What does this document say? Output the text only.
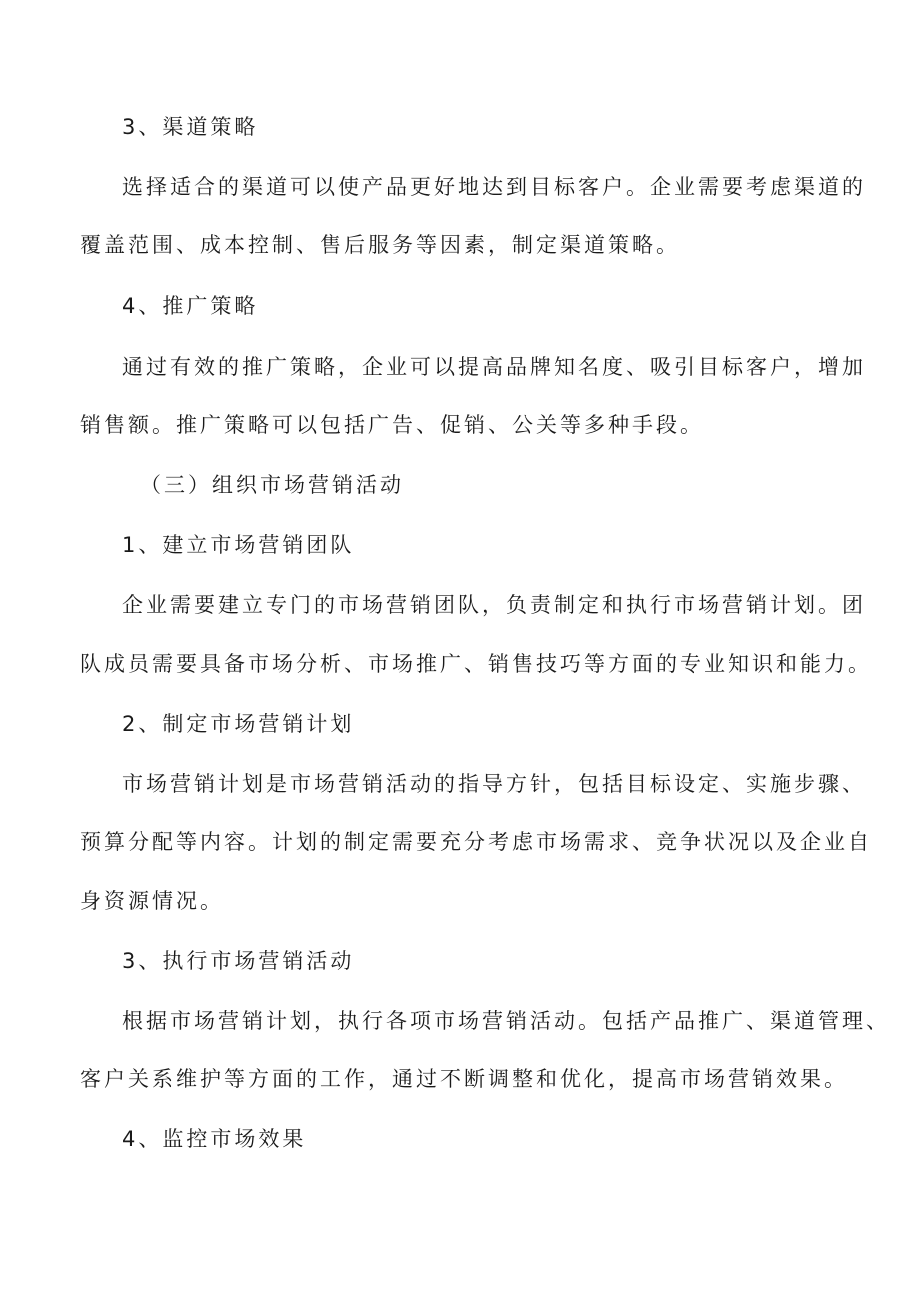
3、渠道策略
选择适合的渠道可以使产品更好地达到目标客户。企业需要考虑渠道的
覆盖范围、成本控制、售后服务等因素，制定渠道策略。
4、推广策略
通过有效的推广策略，企业可以提高品牌知名度、吸引目标客户，增加
销售额。推广策略可以包括广告、促销、公关等多种手段。
（三）组织市场营销活动
1、建立市场营销团队
企业需要建立专门的市场营销团队，负责制定和执行市场营销计划。团
队成员需要具备市场分析、市场推广、销售技巧等方面的专业知识和能力。
2、制定市场营销计划
市场营销计划是市场营销活动的指导方针，包括目标设定、实施步骤、
预算分配等内容。计划的制定需要充分考虑市场需求、竞争状况以及企业自
身资源情况。
3、执行市场营销活动
根据市场营销计划，执行各项市场营销活动。包括产品推广、渠道管理、
客户关系维护等方面的工作，通过不断调整和优化，提高市场营销效果。
4、监控市场效果
